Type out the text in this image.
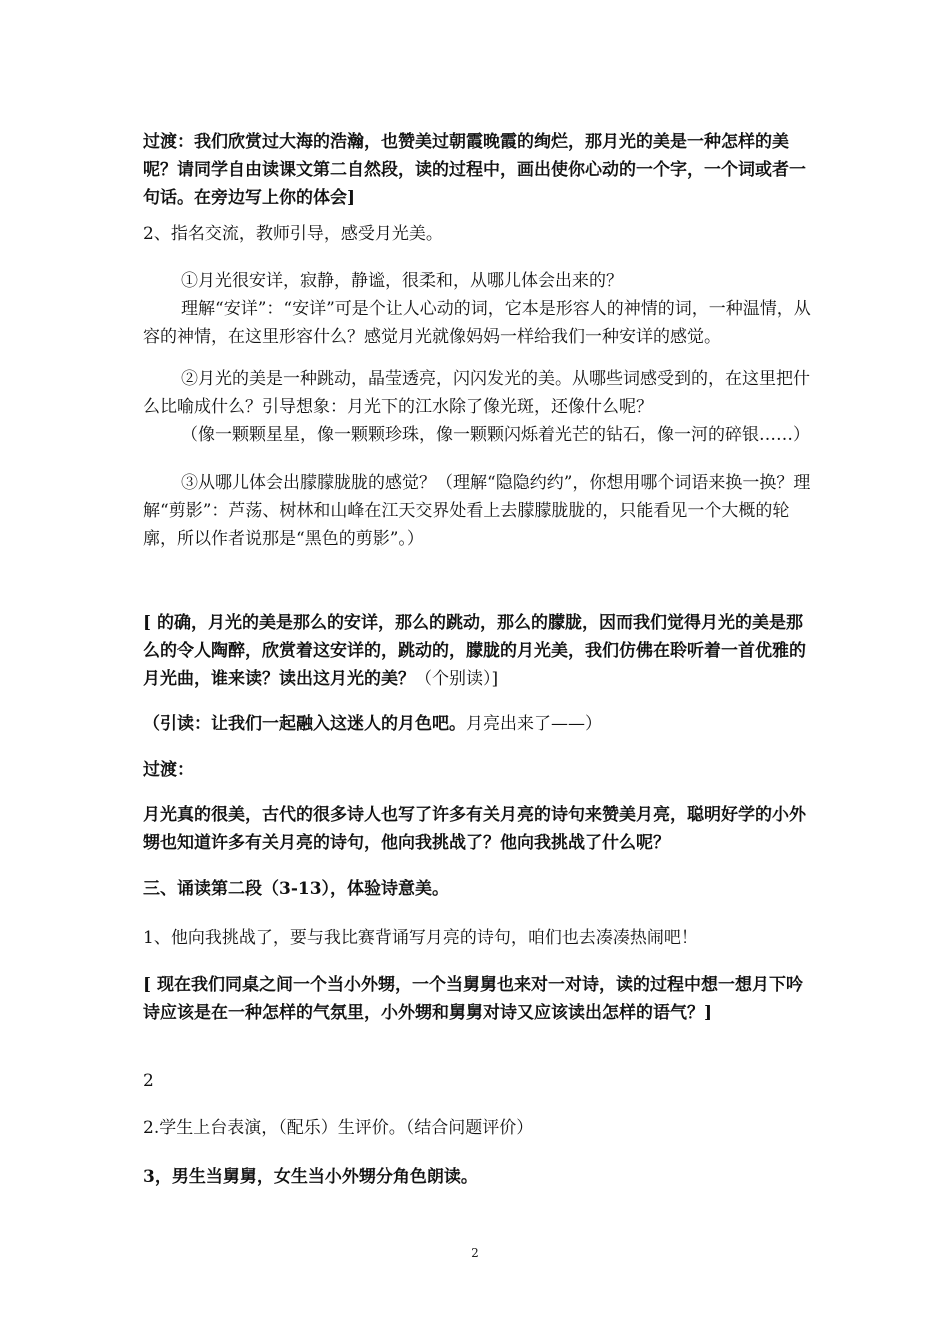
过渡：我们欣赏过大海的浩瀚，也赞美过朝霞晚霞的绚烂，那月光的美是一种怎样的美呢？请同学自由读课文第二自然段，读的过程中，画出使你心动的一个字，一个词或者一句话。在旁边写上你的体会]

2、指名交流，教师引导，感受月光美。

①月光很安详，寂静，静谧，很柔和，从哪儿体会出来的？

理解“安详”：“安详”可是个让人心动的词，它本是形容人的神情的词，一种温情，从容的神情，在这里形容什么？感觉月光就像妈妈一样给我们一种安详的感觉。

②月光的美是一种跳动，晶莹透亮，闪闪发光的美。从哪些词感受到的，在这里把什么比喻成什么？引导想象：月光下的江水除了像光斑，还像什么呢？

（像一颗颗星星，像一颗颗珍珠，像一颗颗闪烁着光芒的钻石，像一河的碎银……）

③从哪儿体会出朦朦胧胧的感觉？（理解“隐隐约约”，你想用哪个词语来换一换？理解“剪影”：芦荡、树林和山峰在江天交界处看上去朦朦胧胧的，只能看见一个大概的轮廓，所以作者说那是“黑色的剪影”。）

[ 的确，月光的美是那么的安详，那么的跳动，那么的朦胧，因而我们觉得月光的美是那么的令人陶醉，欣赏着这安详的，跳动的，朦胧的月光美，我们仿佛在聆听着一首优雅的月光曲，谁来读？读出这月光的美？（个别读）]

（引读：让我们一起融入这迷人的月色吧。月亮出来了——）

过渡：

月光真的很美，古代的很多诗人也写了许多有关月亮的诗句来赞美月亮，聪明好学的小外甥也知道许多有关月亮的诗句，他向我挑战了？他向我挑战了什么呢？

三、诵读第二段（3-13），体验诗意美。

1、他向我挑战了，要与我比赛背诵写月亮的诗句，咱们也去凑凑热闹吧！

[ 现在我们同桌之间一个当小外甥，一个当舅舅也来对一对诗，读的过程中想一想月下吟诗应该是在一种怎样的气氛里，小外甥和舅舅对诗又应该读出怎样的语气？]

2

2.学生上台表演，（配乐）生评价。（结合问题评价）

3，男生当舅舅，女生当小外甥分角色朗读。

2
